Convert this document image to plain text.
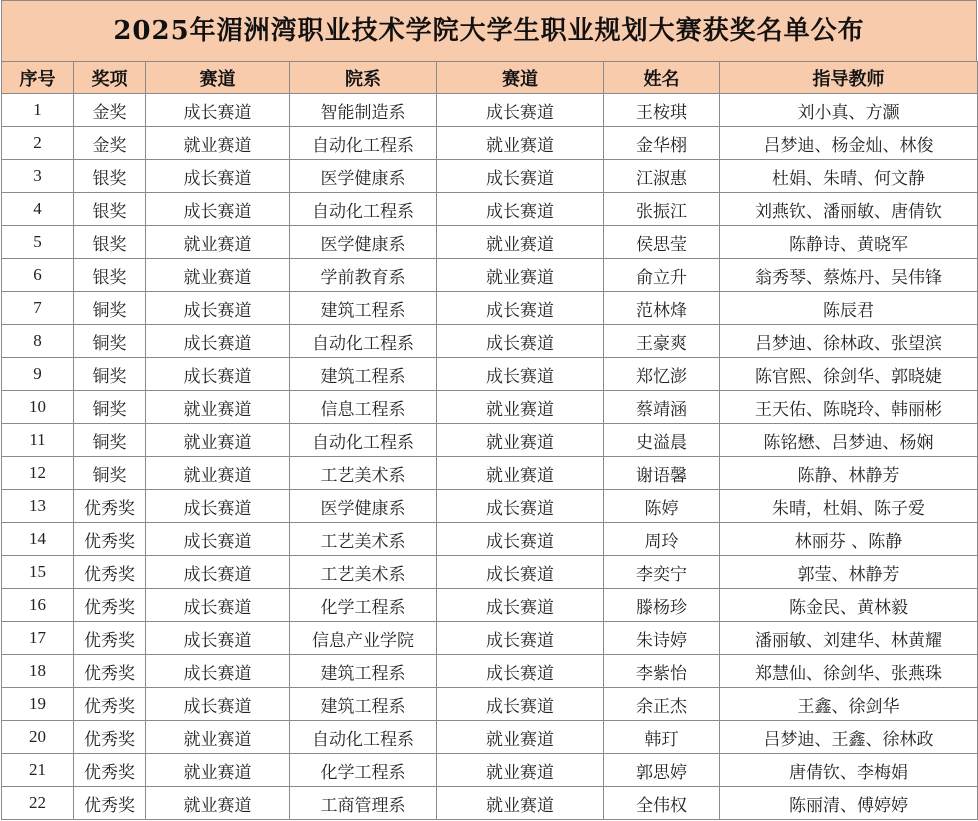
2025年湄洲湾职业技术学院大学生职业规划大赛获奖名单公布
序号	奖项	赛道	院系	赛道	姓名	指导教师
1	金奖	成长赛道	智能制造系	成长赛道	王桉琪	刘小真、方灏
2	金奖	就业赛道	自动化工程系	就业赛道	金华栩	吕梦迪、杨金灿、林俊
3	银奖	成长赛道	医学健康系	成长赛道	江淑惠	杜娟、朱晴、何文静
4	银奖	成长赛道	自动化工程系	成长赛道	张振江	刘燕钦、潘丽敏、唐倩钦
5	银奖	就业赛道	医学健康系	就业赛道	侯思莹	陈静诗、黄晓军
6	银奖	就业赛道	学前教育系	就业赛道	俞立升	翁秀琴、蔡炼丹、吴伟锋
7	铜奖	成长赛道	建筑工程系	成长赛道	范林烽	陈辰君
8	铜奖	成长赛道	自动化工程系	成长赛道	王豪爽	吕梦迪、徐林政、张望滨
9	铜奖	成长赛道	建筑工程系	成长赛道	郑忆澎	陈官熙、徐剑华、郭晓婕
10	铜奖	就业赛道	信息工程系	就业赛道	蔡靖涵	王天佑、陈晓玲、韩丽彬
11	铜奖	就业赛道	自动化工程系	就业赛道	史溢晨	陈铭懋、吕梦迪、杨娴
12	铜奖	就业赛道	工艺美术系	就业赛道	谢语馨	陈静、林静芳
13	优秀奖	成长赛道	医学健康系	成长赛道	陈婷	朱晴，杜娟、陈子爱
14	优秀奖	成长赛道	工艺美术系	成长赛道	周玲	林丽芬 、陈静
15	优秀奖	成长赛道	工艺美术系	成长赛道	李奕宁	郭莹、林静芳
16	优秀奖	成长赛道	化学工程系	成长赛道	滕杨珍	陈金民、黄林毅
17	优秀奖	成长赛道	信息产业学院	成长赛道	朱诗婷	潘丽敏、刘建华、林黄耀
18	优秀奖	成长赛道	建筑工程系	成长赛道	李紫怡	郑慧仙、徐剑华、张燕珠
19	优秀奖	成长赛道	建筑工程系	成长赛道	余正杰	王鑫、徐剑华
20	优秀奖	就业赛道	自动化工程系	就业赛道	韩玎	吕梦迪、王鑫、徐林政
21	优秀奖	就业赛道	化学工程系	就业赛道	郭思婷	唐倩钦、李梅娟
22	优秀奖	就业赛道	工商管理系	就业赛道	全伟权	陈丽清、傅婷婷
